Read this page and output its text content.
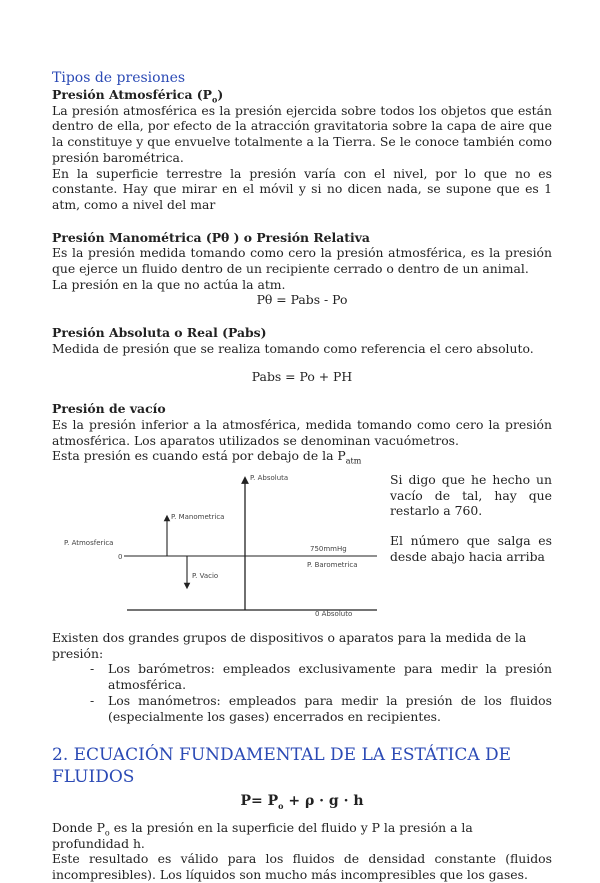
Tipos de presiones

Presión Atmosférica $(P_o)$

La presión atmosférica es la presión ejercida sobre todos los objetos que están dentro de ella, por efecto de la atracción gravitatoria sobre la capa de aire que la constituye y que envuelve totalmente a la Tierra. Se le conoce también como presión barométrica.

En la superficie terrestre la presión varía con el nivel, por lo que no es constante. Hay que mirar en el móvil y si no dicen nada, se supone que es 1 atm, como a nivel del mar

Presión Manométrica (Pθ ) o Presión Relativa

Es la presión medida tomando como cero la presión atmosférica, es la presión que ejerce un fluido dentro de un recipiente cerrado o dentro de un animal.

La presión en la que no actúa la atm.

Pθ = Pabs - Po

Presión Absoluta o Real (Pabs)

Medida de presión que se realiza tomando como referencia el cero absoluto.

Pabs = Po + PH

Presión de vacío

Es la presión inferior a la atmosférica, medida tomando como cero la presión atmosférica. Los aparatos utilizados se denominan vacuómetros.

Esta presión es cuando está por debajo de la $P_{atm}$

P. Absoluta
P. Manometrica
P. Atmosferica
0
750mmHg
P. Barometrica
P. Vacio
0 Absoluto

Si digo que he hecho un vacío de tal, hay que restarlo a 760.

El número que salga es desde abajo hacia arriba

Existen dos grandes grupos de dispositivos o aparatos para la medida de la presión:

- Los barómetros: empleados exclusivamente para medir la presión atmosférica.
- Los manómetros: empleados para medir la presión de los fluidos (especialmente los gases) encerrados en recipientes.
2. ECUACIÓN FUNDAMENTAL DE LA ESTÁTICA DE FLUIDOS

$P= P_o + \rho \cdot g \cdot h$

Donde $P_o$ es la presión en la superficie del fluido y P la presión a la profundidad h.

Este resultado es válido para los fluidos de densidad constante (fluidos incompresibles). Los líquidos son mucho más incompresibles que los gases.
